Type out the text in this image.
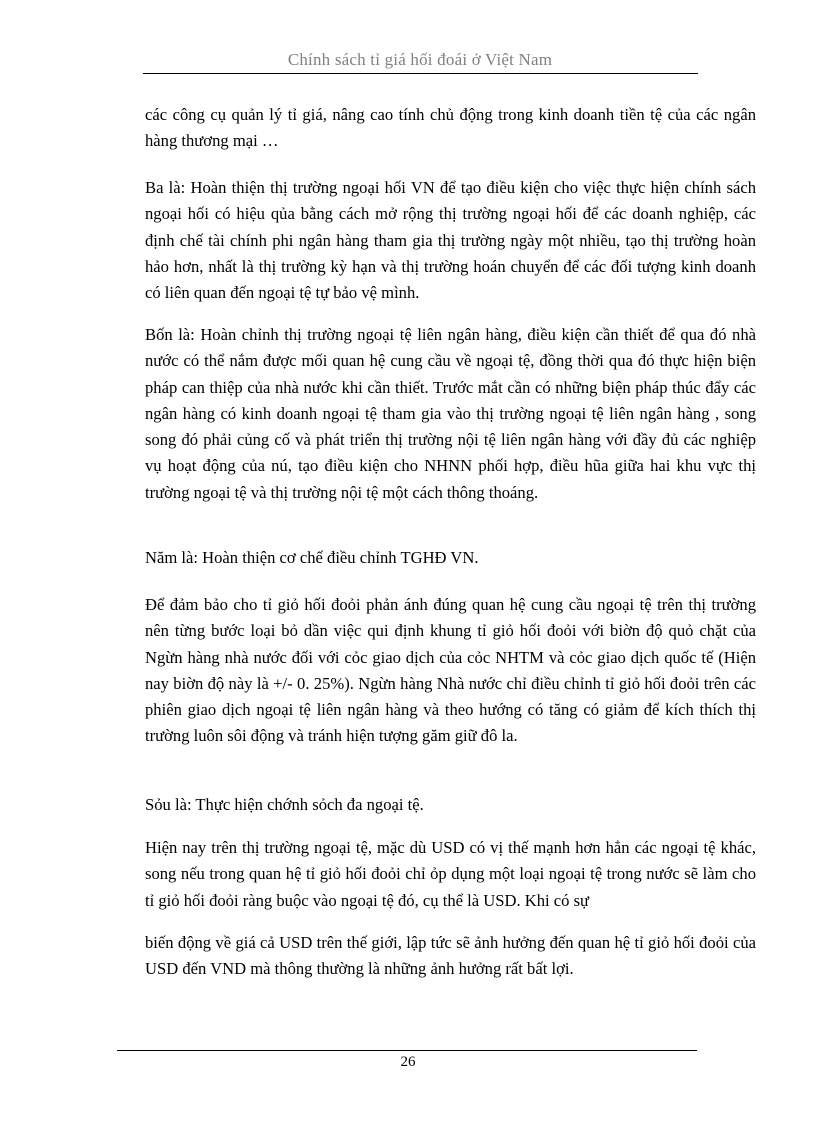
Chính sách tỉ giá hối đoái ở Việt Nam

các công cụ quản lý tỉ giá, nâng cao tính chủ động trong kinh doanh tiền tệ của các ngân hàng thương mại …

Ba là: Hoàn thiện thị trường ngoại hối VN để tạo điều kiện cho việc thực hiện chính sách ngoại hối có hiệu qủa bằng cách mở rộng thị trường ngoại hối để các doanh nghiệp, các định chế tài chính phi ngân hàng tham gia thị trường ngày một nhiều, tạo thị trường hoàn hảo hơn, nhất là thị trường kỳ hạn và thị trường hoán chuyển để các đối tượng kinh doanh có liên quan đến ngoại tệ tự bảo vệ mình.

Bốn là: Hoàn chỉnh thị trường ngoại tệ liên ngân hàng, điều kiện cần thiết để qua đó nhà nước có thể nắm được mối quan hệ cung cầu về ngoại tệ, đồng thời qua đó thực hiện biện pháp can thiệp của nhà nước khi cần thiết. Trước mắt cần có những biện pháp thúc đẩy các ngân hàng có kinh doanh ngoại tệ tham gia vào thị trường ngoại tệ liên ngân hàng , song song đó phải củng cố và phát triển thị trường nội tệ liên ngân hàng với đầy đủ các nghiệp vụ hoạt động của nú, tạo điều kiện cho NHNN phối hợp, điều hũa giữa hai khu vực thị trường ngoại tệ và thị trường nội tệ một cách thông thoáng.

Năm là: Hoàn thiện cơ chế điều chỉnh TGHĐ VN.

Để đảm bảo cho tỉ giỏ hối đoỏi phản ánh đúng quan hệ cung cầu ngoại tệ trên thị trường nên từng bước loại bỏ dần việc qui định khung tỉ giỏ hối đoỏi với biờn độ quỏ chặt của Ngừn hàng nhà nước đối với cỏc giao dịch của cỏc NHTM và cỏc giao dịch quốc tế (Hiện nay biờn độ này là +/- 0. 25%). Ngừn hàng Nhà nước chỉ điều chỉnh tỉ giỏ hối đoỏi trên các phiên giao dịch ngoại tệ liên ngân hàng và theo hướng có tăng có giảm để kích thích thị trường luôn sôi động và tránh hiện tượng găm giữ đô la.

Sỏu là: Thực hiện chớnh sỏch đa ngoại tệ.

Hiện nay trên thị trường ngoại tệ, mặc dù USD có vị thế mạnh hơn hẳn các ngoại tệ khác, song nếu trong quan hệ tỉ giỏ hối đoỏi chỉ ỏp dụng một loại ngoại tệ trong nước sẽ làm cho tỉ giỏ hối đoỏi ràng buộc vào ngoại tệ đó, cụ thể là USD. Khi có sự

biến động về giá cả USD trên thế giới, lập tức sẽ ảnh hưởng đến quan hệ tỉ giỏ hối đoỏi của USD đến VND mà thông thường là những ảnh hưởng rất bất lợi.

26
